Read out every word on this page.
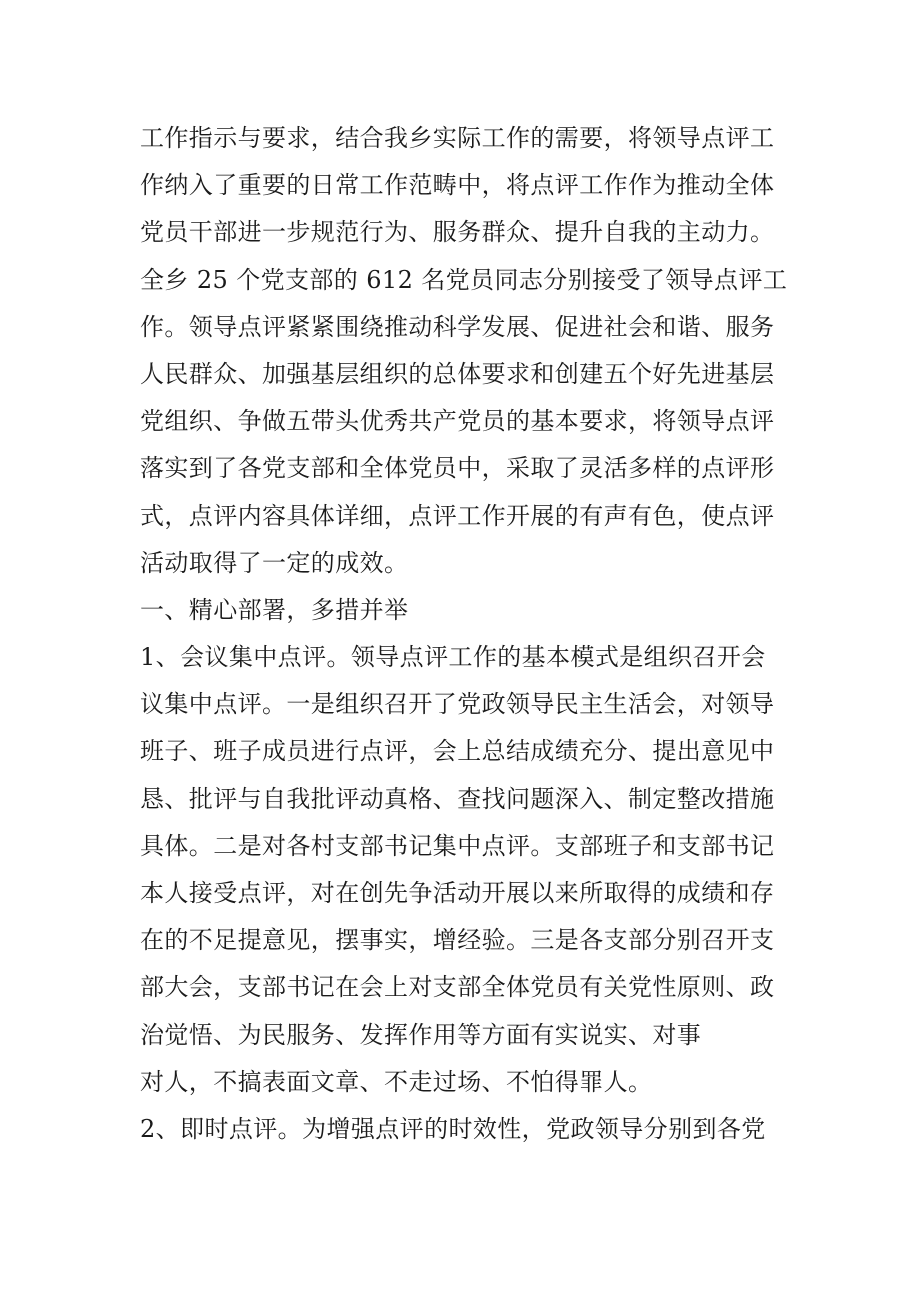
工作指示与要求，结合我乡实际工作的需要，将领导点评工
作纳入了重要的日常工作范畴中，将点评工作作为推动全体
党员干部进一步规范行为、服务群众、提升自我的主动力。
全乡 25 个党支部的 612 名党员同志分别接受了领导点评工
作。领导点评紧紧围绕推动科学发展、促进社会和谐、服务
人民群众、加强基层组织的总体要求和创建五个好先进基层
党组织、争做五带头优秀共产党员的基本要求，将领导点评
落实到了各党支部和全体党员中，采取了灵活多样的点评形
式，点评内容具体详细，点评工作开展的有声有色，使点评
活动取得了一定的成效。
一、精心部署，多措并举
1、会议集中点评。领导点评工作的基本模式是组织召开会
议集中点评。一是组织召开了党政领导民主生活会，对领导
班子、班子成员进行点评，会上总结成绩充分、提出意见中
恳、批评与自我批评动真格、查找问题深入、制定整改措施
具体。二是对各村支部书记集中点评。支部班子和支部书记
本人接受点评，对在创先争活动开展以来所取得的成绩和存
在的不足提意见，摆事实，增经验。三是各支部分别召开支
部大会，支部书记在会上对支部全体党员有关党性原则、政
治觉悟、为民服务、发挥作用等方面有实说实、对事
对人，不搞表面文章、不走过场、不怕得罪人。
2、即时点评。为增强点评的时效性，党政领导分别到各党
